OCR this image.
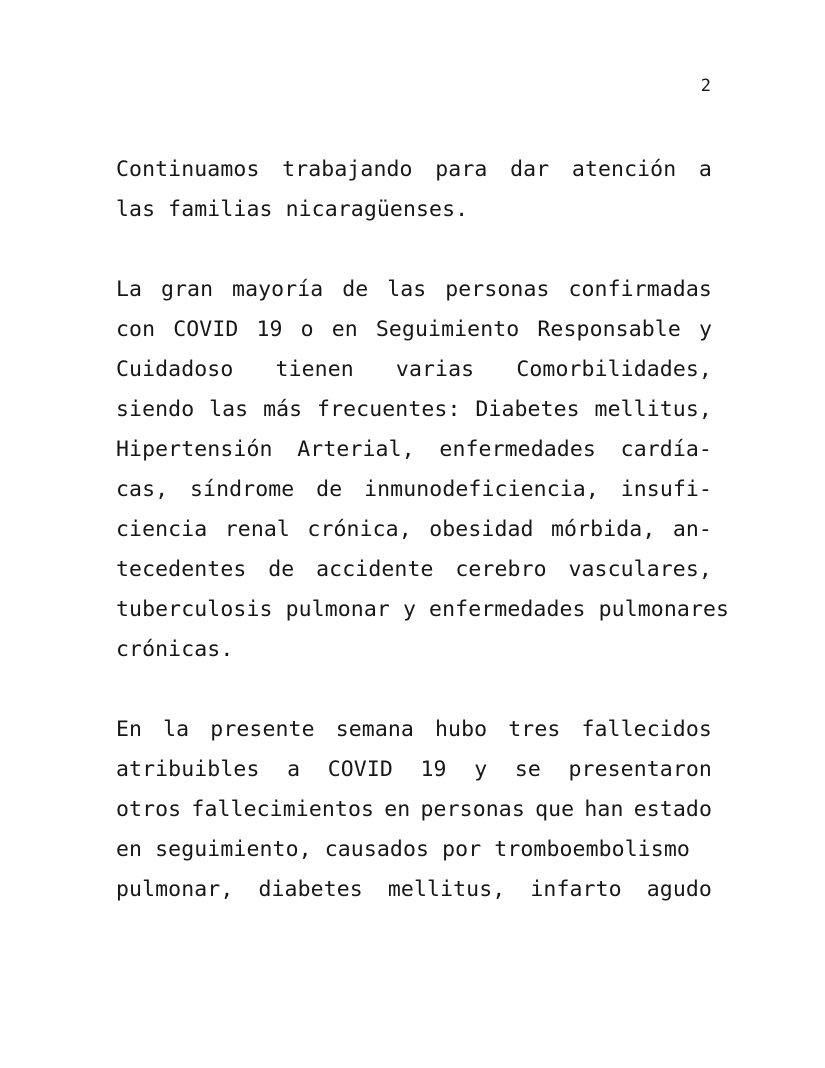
2
Continuamos trabajando para dar atención a
las familias nicaragüenses.
La gran mayoría de las personas confirmadas
con COVID 19 o en Seguimiento Responsable y
Cuidadoso tienen varias Comorbilidades,
siendo las más frecuentes: Diabetes mellitus,
Hipertensión Arterial, enfermedades cardía-
cas, síndrome de inmunodeficiencia, insufi-
ciencia renal crónica, obesidad mórbida, an-
tecedentes de accidente cerebro vasculares,
tuberculosis pulmonar y enfermedades pulmonares
crónicas.
En la presente semana hubo tres fallecidos
atribuibles a COVID 19 y se presentaron
otros fallecimientos en personas que han estado
en seguimiento, causados por tromboembolismo
pulmonar, diabetes mellitus, infarto agudo
